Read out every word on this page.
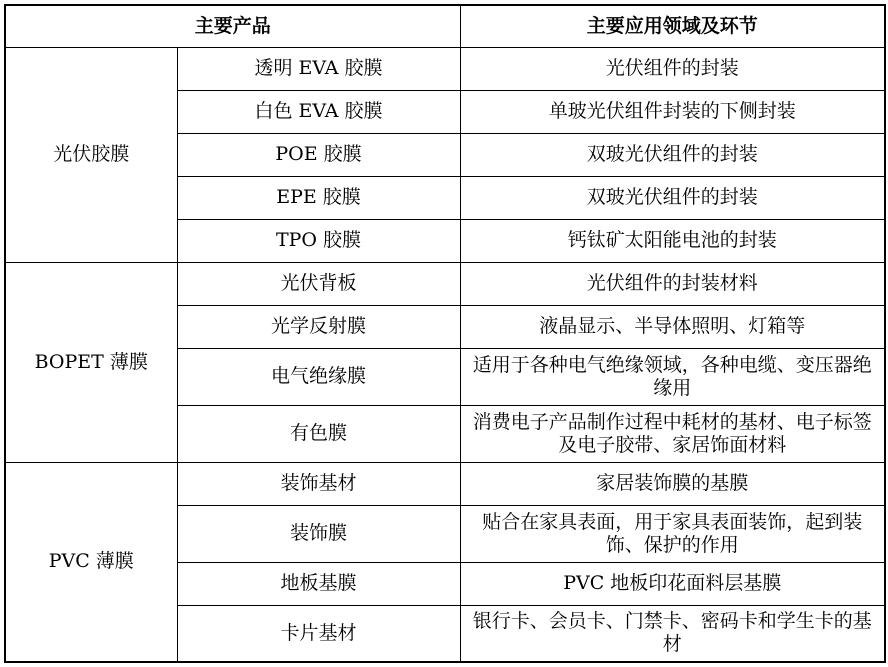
主要产品		主要应用领域及环节
光伏胶膜	透明 EVA 胶膜	光伏组件的封装
	白色 EVA 胶膜	单玻光伏组件封装的下侧封装
	POE 胶膜	双玻光伏组件的封装
	EPE 胶膜	双玻光伏组件的封装
	TPO 胶膜	钙钛矿太阳能电池的封装
BOPET 薄膜	光伏背板	光伏组件的封装材料
	光学反射膜	液晶显示、半导体照明、灯箱等
	电气绝缘膜	适用于各种电气绝缘领域，各种电缆、变压器绝缘用
	有色膜	消费电子产品制作过程中耗材的基材、电子标签及电子胶带、家居饰面材料
PVC 薄膜	装饰基材	家居装饰膜的基膜
	装饰膜	贴合在家具表面，用于家具表面装饰，起到装饰、保护的作用
	地板基膜	PVC 地板印花面料层基膜
	卡片基材	银行卡、会员卡、门禁卡、密码卡和学生卡的基材
